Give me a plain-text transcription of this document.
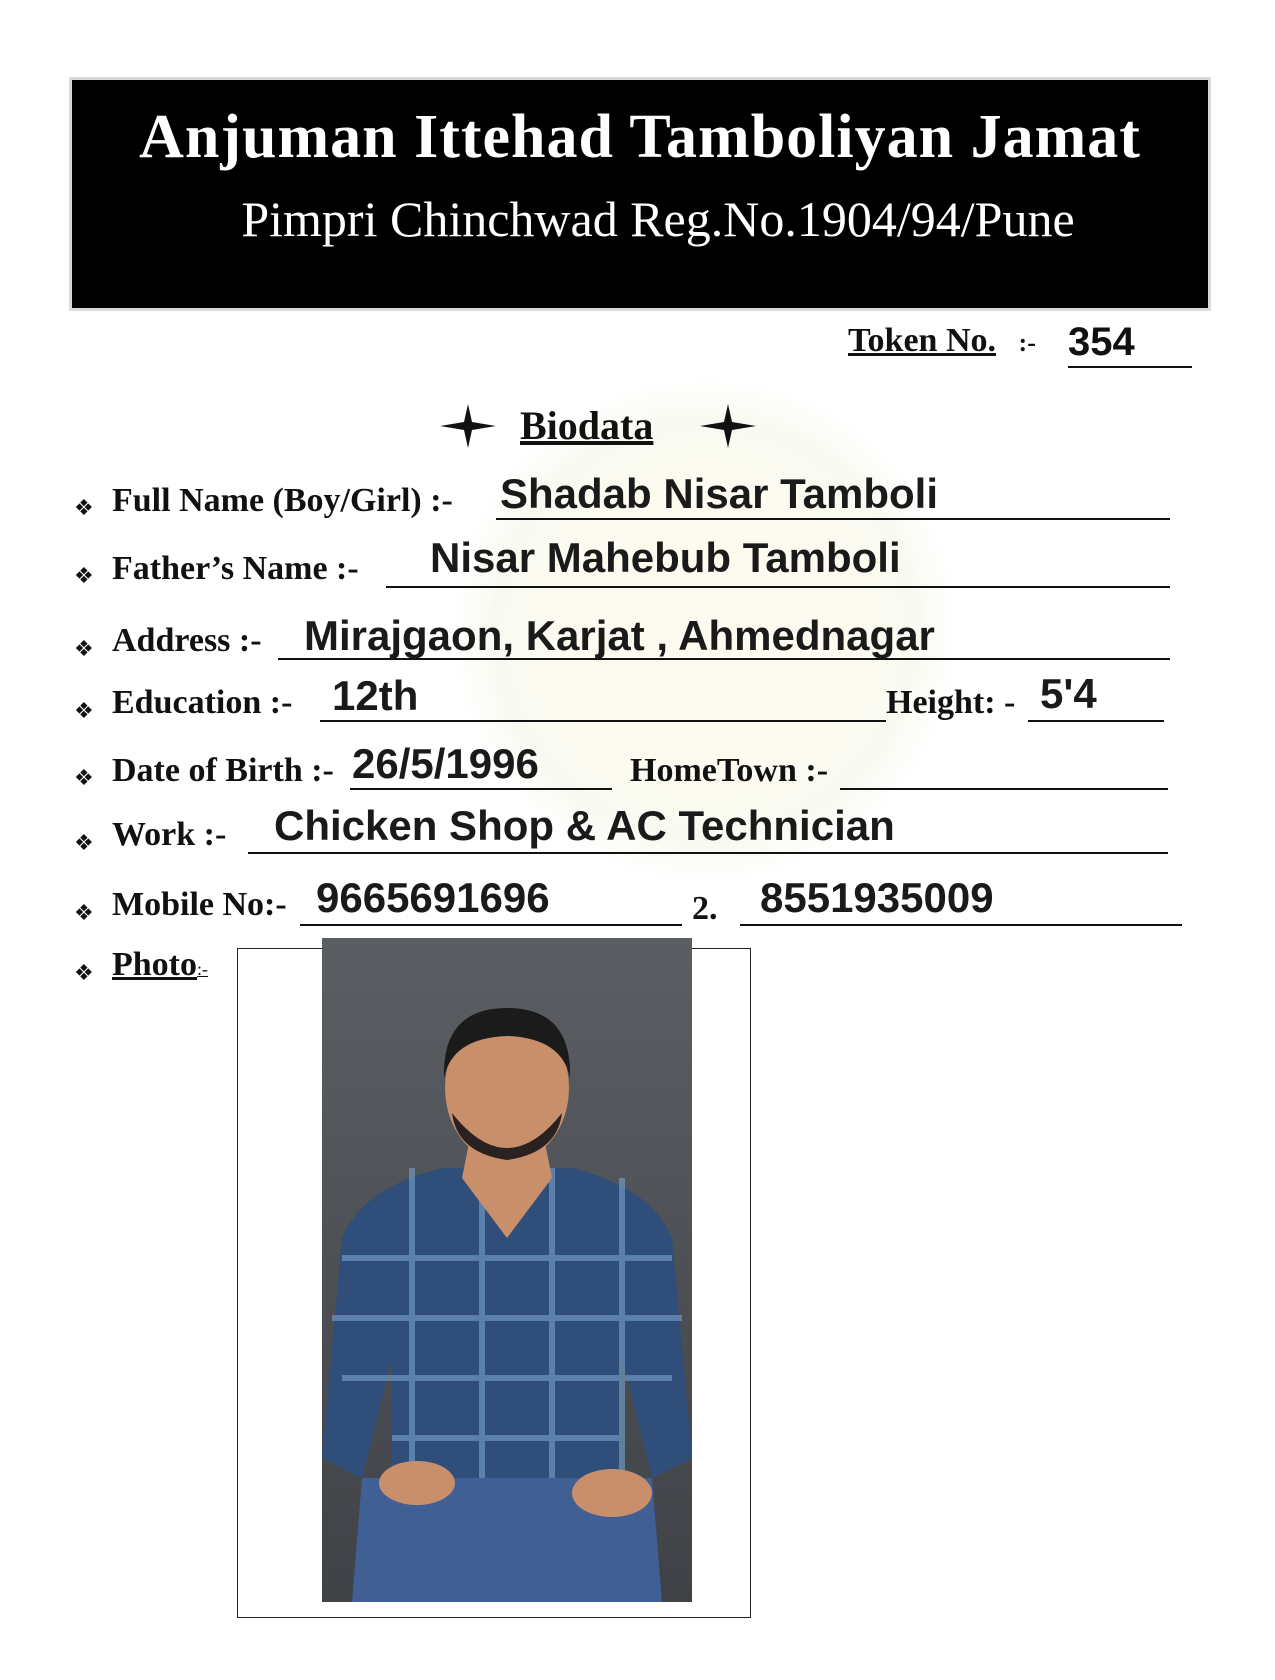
Anjuman Ittehad Tamboliyan Jamat
Pimpri Chinchwad Reg.No.1904/94/Pune
Token No. :- 354
Biodata
❖ Full Name (Boy/Girl) :- Shadab Nisar Tamboli
❖ Father’s Name :- Nisar Mahebub Tamboli
❖ Address :- Mirajgaon, Karjat , Ahmednagar
❖ Education :- 12th	Height: - 5'4
❖ Date of Birth :- 26/5/1996	HomeTown :-
❖ Work :- Chicken Shop & AC Technician
❖ Mobile No:- 9665691696	2. 8551935009
❖ Photo:-
